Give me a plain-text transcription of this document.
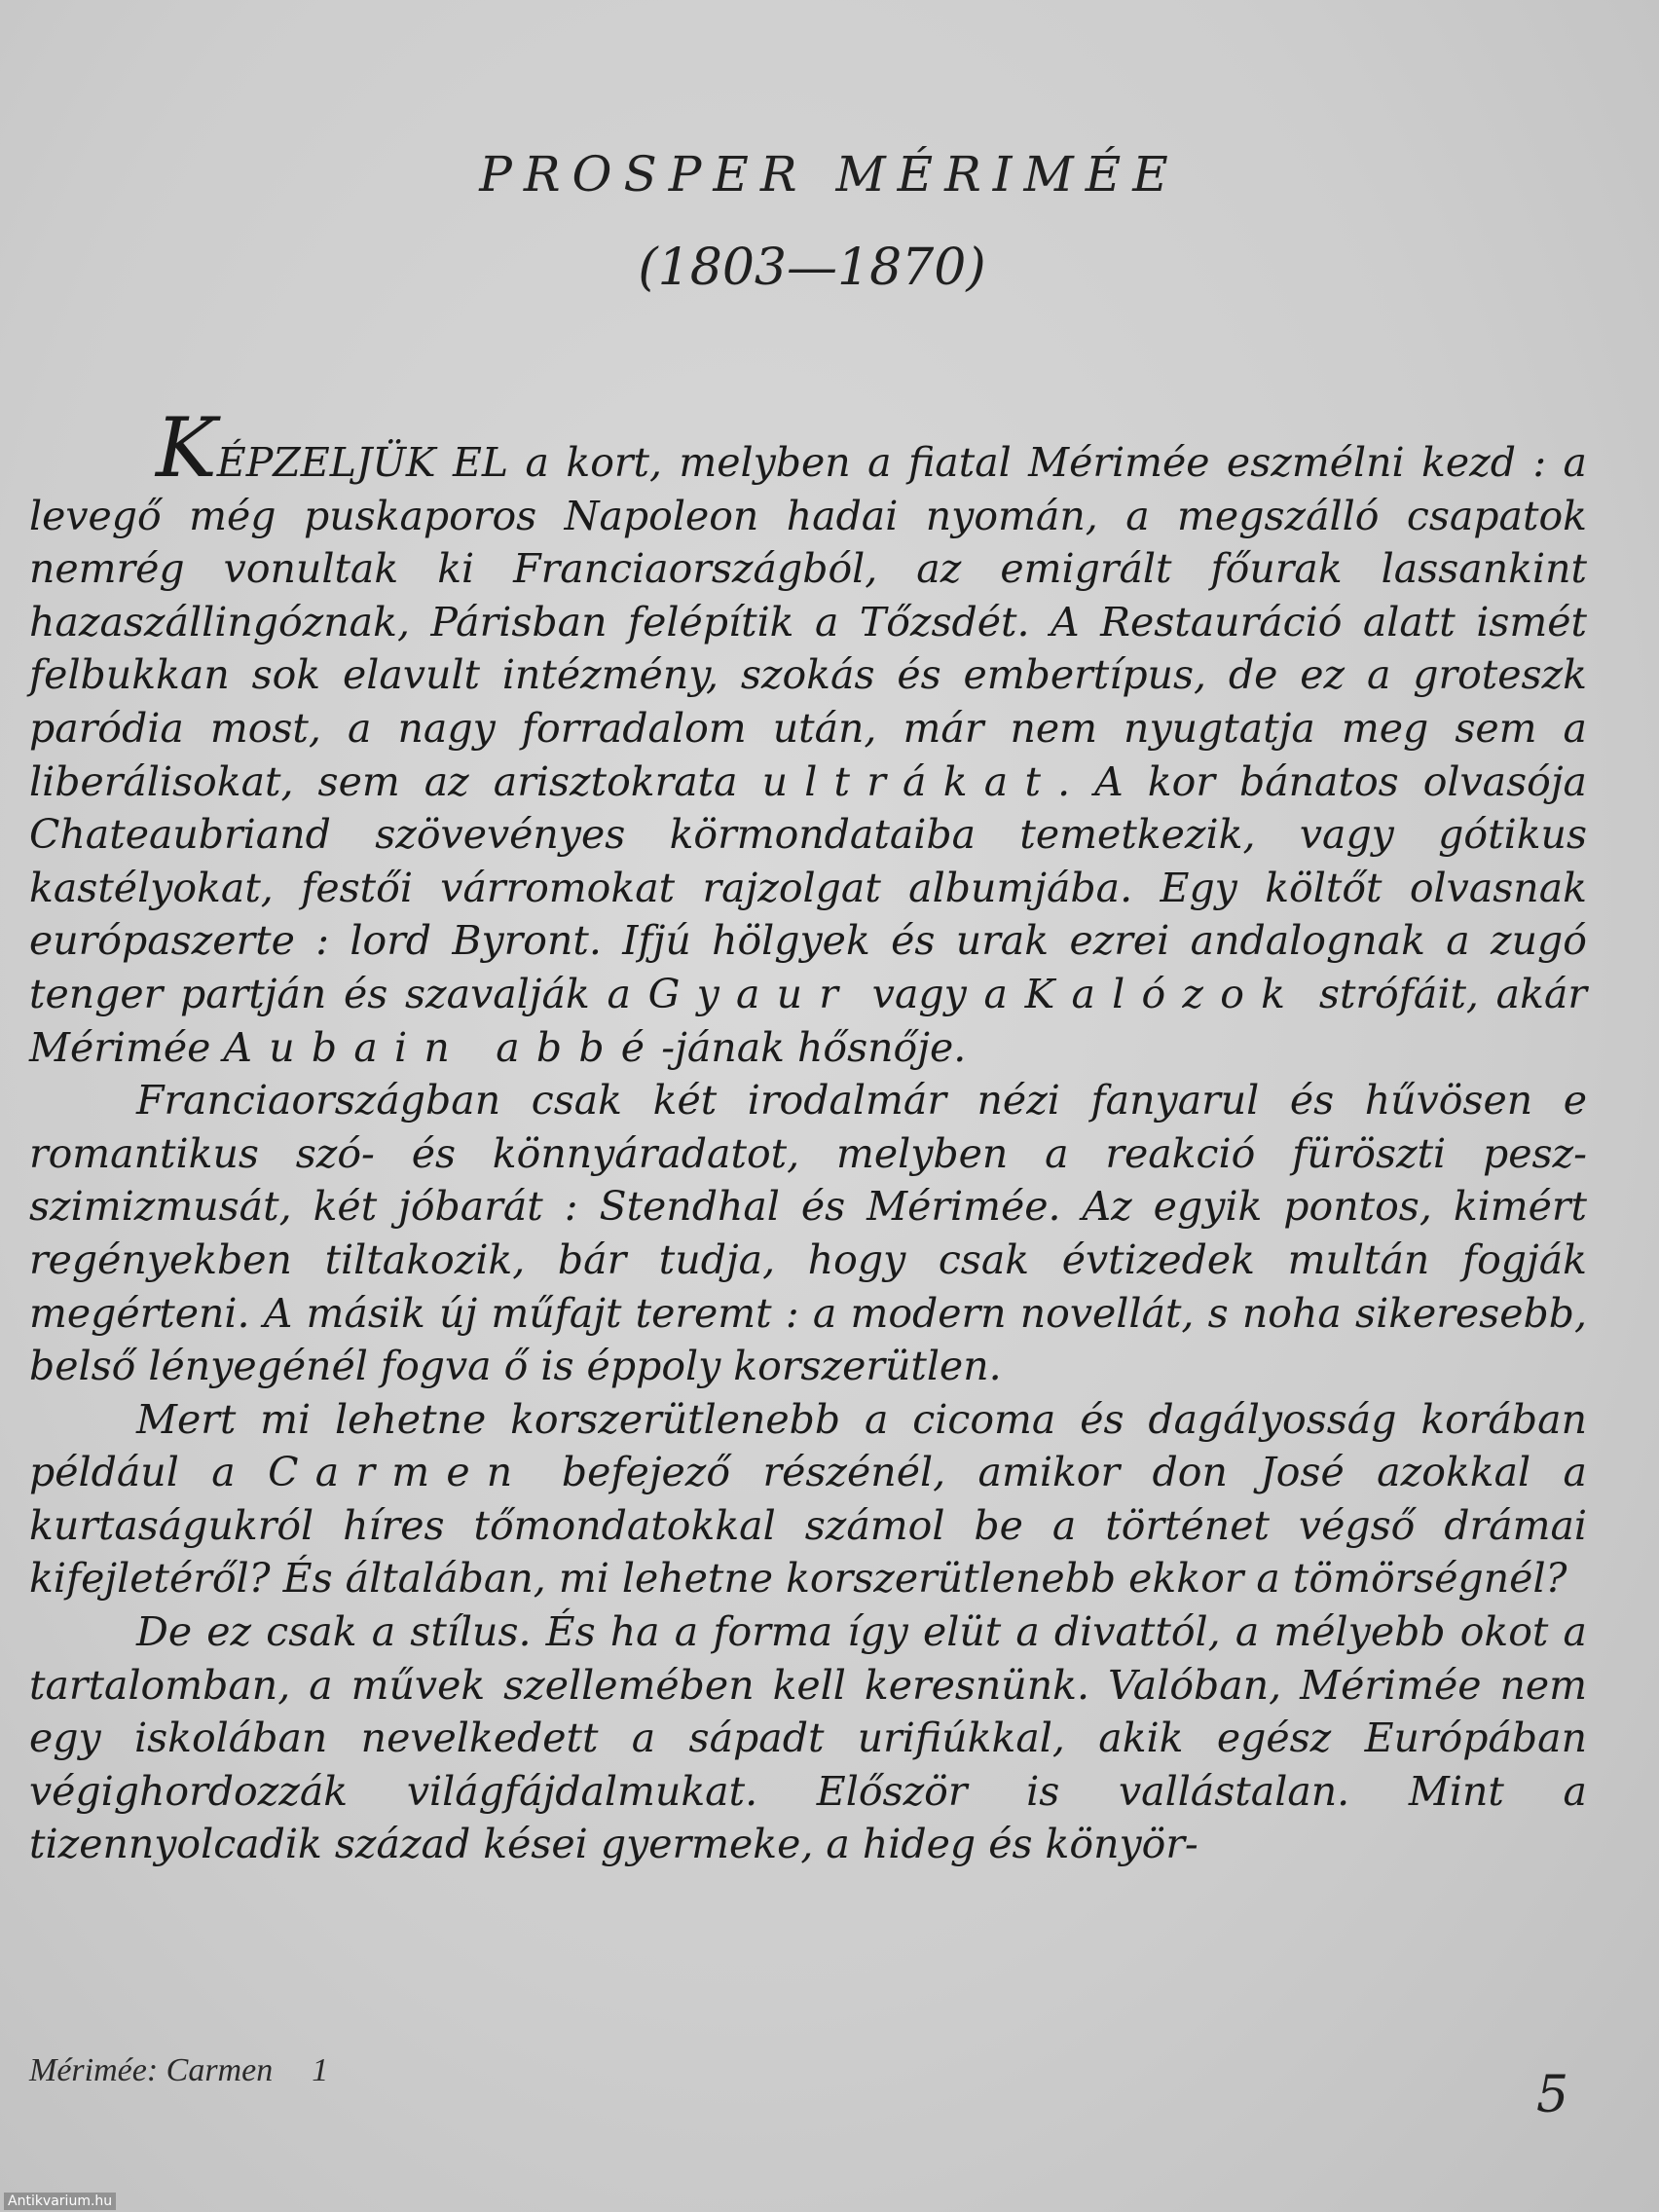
PROSPER MÉRIMÉE
(1803—1870)

KÉPZELJÜK EL a kort, melyben a fiatal Mérimée eszmélni kezd : a levegő még puskaporos Napoleon hadai nyomán, a megszálló csapatok nemrég vonultak ki Franciaországból, az emigrált főurak lassankint hazaszállingóznak, Párisban felépítik a Tőzsdét. A Restauráció alatt ismét felbukkan sok elavult intézmény, szokás és embertípus, de ez a groteszk paródia most, a nagy forradalom után, már nem nyugtatja meg sem a liberálisokat, sem az arisztokrata ultrákat. A kor bánatos olvasója Chateaubriand szövevényes körmondataiba temetkezik, vagy gótikus kastélyokat, festői várromokat rajzolgat albumjába. Egy költőt olvasnak európaszerte : lord Byront. Ifjú hölgyek és urak ezrei andalognak a zugó tenger partján és szavalják a Gyaur vagy a Kalózok strófáit, akár Mérimée Aubain abbé-jának hősnője.

Franciaországban csak két irodalmár nézi fanyarul és hűvösen e romantikus szó- és könnyáradatot, melyben a reakció füröszti peszszimizmusát, két jóbarát : Stendhal és Mérimée. Az egyik pontos, kimért regényekben tiltakozik, bár tudja, hogy csak évtizedek multán fogják megérteni. A másik új műfajt teremt : a modern novellát, s noha sikeresebb, belső lényegénél fogva ő is éppoly korszerütlen.

Mert mi lehetne korszerütlenebb a cicoma és dagályosság korában például a Carmen befejező részénél, amikor don José azokkal a kurtaságukról híres tőmondatokkal számol be a történet végső drámai kifejletéről? És általában, mi lehetne korszerütlenebb ekkor a tömörségnél?

De ez csak a stílus. És ha a forma így elüt a divattól, a mélyebb okot a tartalomban, a művek szellemében kell keresnünk. Valóban, Mérimée nem egy iskolában nevelkedett a sápadt urifiúkkal, akik egész Európában végighordozzák világfájdalmukat. Először is vallástalan. Mint a tizennyolcadik század kései gyermeke, a hideg és könyör-

Mérimée: Carmen 1	5
Antikvarium.hu
